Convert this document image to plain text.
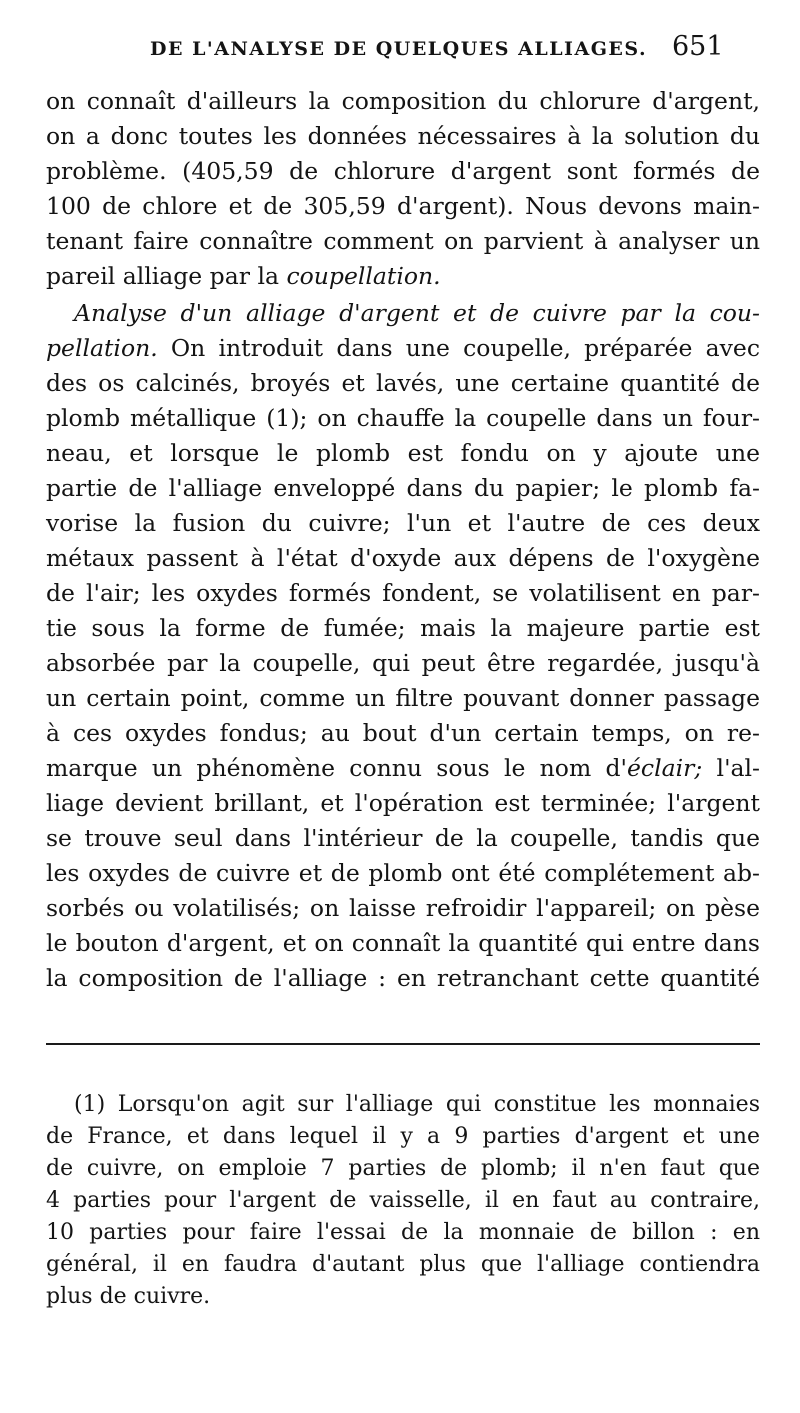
DE L'ANALYSE DE QUELQUES ALLIAGES. 651
on connaît d'ailleurs la composition du chlorure d'argent,
on a donc toutes les données nécessaires à la solution du
problème. (405,59 de chlorure d'argent sont formés de
100 de chlore et de 305,59 d'argent). Nous devons main-
tenant faire connaître comment on parvient à analyser un
pareil alliage par la coupellation.
Analyse d'un alliage d'argent et de cuivre par la cou-
pellation. On introduit dans une coupelle, préparée avec
des os calcinés, broyés et lavés, une certaine quantité de
plomb métallique (1); on chauffe la coupelle dans un four-
neau, et lorsque le plomb est fondu on y ajoute une
partie de l'alliage enveloppé dans du papier; le plomb fa-
vorise la fusion du cuivre; l'un et l'autre de ces deux
métaux passent à l'état d'oxyde aux dépens de l'oxygène
de l'air; les oxydes formés fondent, se volatilisent en par-
tie sous la forme de fumée; mais la majeure partie est
absorbée par la coupelle, qui peut être regardée, jusqu'à
un certain point, comme un filtre pouvant donner passage
à ces oxydes fondus; au bout d'un certain temps, on re-
marque un phénomène connu sous le nom d'éclair; l'al-
liage devient brillant, et l'opération est terminée; l'argent
se trouve seul dans l'intérieur de la coupelle, tandis que
les oxydes de cuivre et de plomb ont été complétement ab-
sorbés ou volatilisés; on laisse refroidir l'appareil; on pèse
le bouton d'argent, et on connaît la quantité qui entre dans
la composition de l'alliage : en retranchant cette quantité
(1) Lorsqu'on agit sur l'alliage qui constitue les monnaies
de France, et dans lequel il y a 9 parties d'argent et une
de cuivre, on emploie 7 parties de plomb; il n'en faut que
4 parties pour l'argent de vaisselle, il en faut au contraire,
10 parties pour faire l'essai de la monnaie de billon : en
général, il en faudra d'autant plus que l'alliage contiendra
plus de cuivre.
